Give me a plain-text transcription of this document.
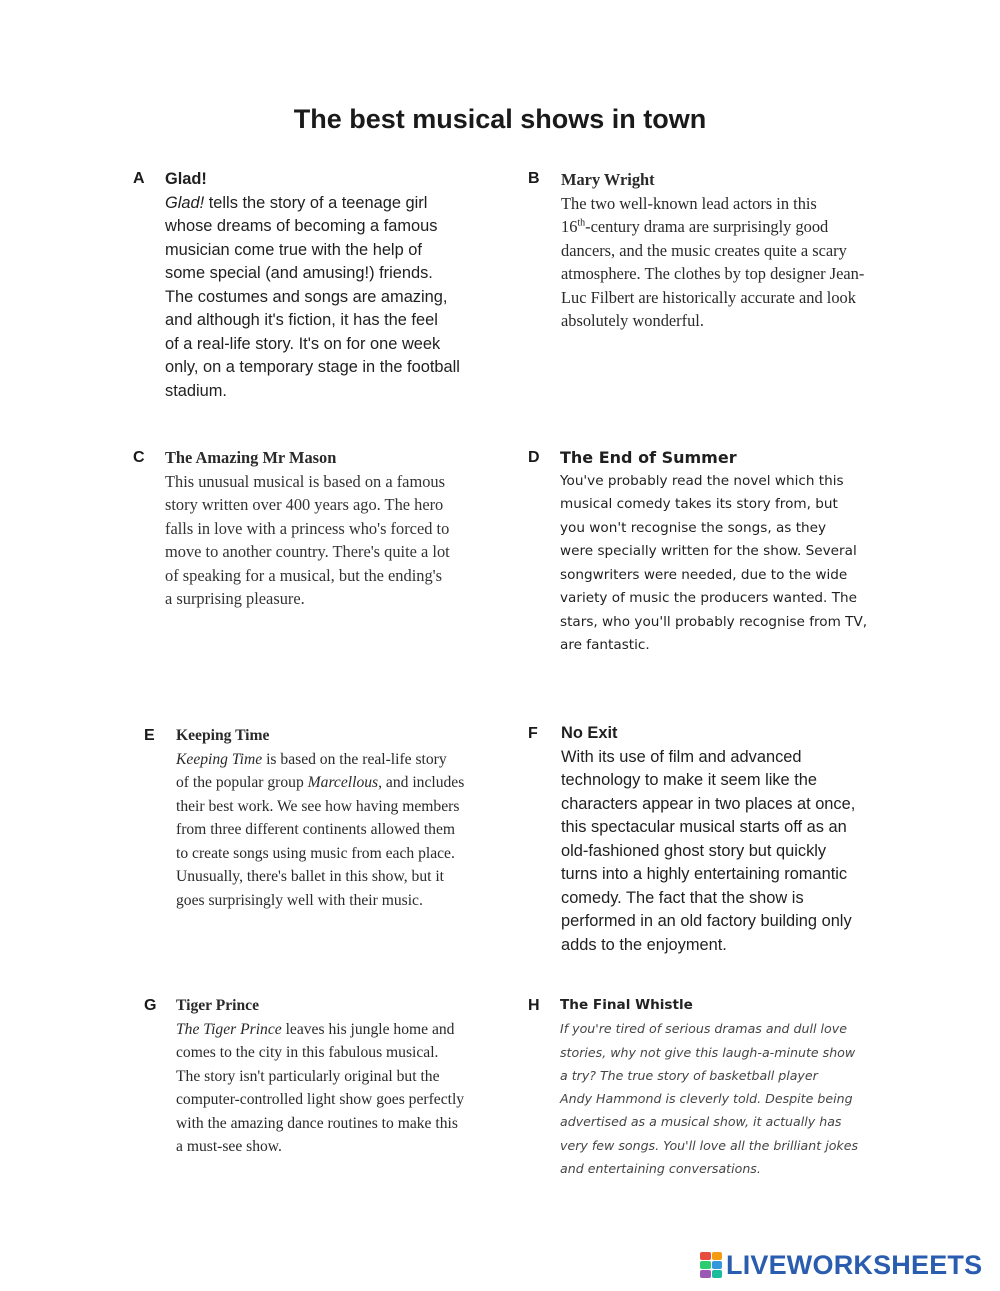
The best musical shows in town
A Glad!

Glad! tells the story of a teenage girl
whose dreams of becoming a famous
musician come true with the help of
some special (and amusing!) friends.
The costumes and songs are amazing,
and although it's fiction, it has the feel
of a real-life story. It's on for one week
only, on a temporary stage in the football
stadium.

B Mary Wright

The two well-known lead actors in this
16th-century drama are surprisingly good
dancers, and the music creates quite a scary
atmosphere. The clothes by top designer Jean-
Luc Filbert are historically accurate and look
absolutely wonderful.

C The Amazing Mr Mason

This unusual musical is based on a famous
story written over 400 years ago. The hero
falls in love with a princess who's forced to
move to another country. There's quite a lot
of speaking for a musical, but the ending's
a surprising pleasure.

D The End of Summer

You've probably read the novel which this
musical comedy takes its story from, but
you won't recognise the songs, as they
were specially written for the show. Several
songwriters were needed, due to the wide
variety of music the producers wanted. The
stars, who you'll probably recognise from TV,
are fantastic.

E Keeping Time

Keeping Time is based on the real-life story
of the popular group Marcellous, and includes
their best work. We see how having members
from three different continents allowed them
to create songs using music from each place.
Unusually, there's ballet in this show, but it
goes surprisingly well with their music.

F No Exit

With its use of film and advanced
technology to make it seem like the
characters appear in two places at once,
this spectacular musical starts off as an
old-fashioned ghost story but quickly
turns into a highly entertaining romantic
comedy. The fact that the show is
performed in an old factory building only
adds to the enjoyment.

G Tiger Prince

The Tiger Prince leaves his jungle home and
comes to the city in this fabulous musical.
The story isn't particularly original but the
computer-controlled light show goes perfectly
with the amazing dance routines to make this
a must-see show.

H The Final Whistle

If you're tired of serious dramas and dull love
stories, why not give this laugh-a-minute show
a try? The true story of basketball player
Andy Hammond is cleverly told. Despite being
advertised as a musical show, it actually has
very few songs. You'll love all the brilliant jokes
and entertaining conversations.

LIVEWORKSHEETS
